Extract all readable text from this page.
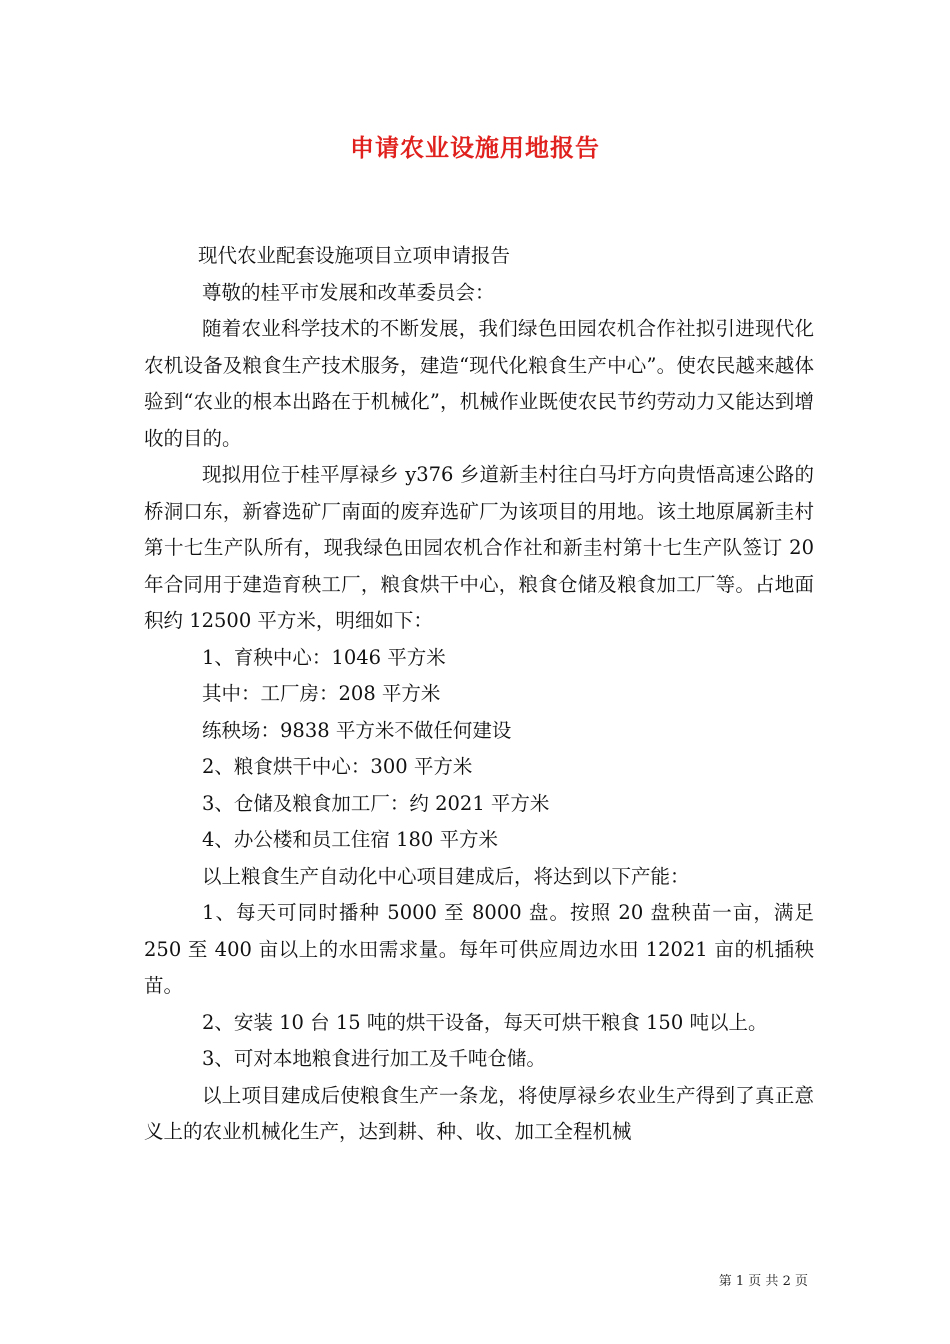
申请农业设施用地报告

现代农业配套设施项目立项申请报告

尊敬的桂平市发展和改革委员会：

随着农业科学技术的不断发展，我们绿色田园农机合作社拟引进现代化农机设备及粮食生产技术服务，建造“现代化粮食生产中心”。使农民越来越体验到“农业的根本出路在于机械化”，机械作业既使农民节约劳动力又能达到增收的目的。

现拟用位于桂平厚禄乡 y376 乡道新圭村往白马圩方向贵悟高速公路的桥洞口东，新睿选矿厂南面的废弃选矿厂为该项目的用地。该土地原属新圭村第十七生产队所有，现我绿色田园农机合作社和新圭村第十七生产队签订 20 年合同用于建造育秧工厂，粮食烘干中心，粮食仓储及粮食加工厂等。占地面积约 12500 平方米，明细如下：

1、育秧中心：1046 平方米

其中：工厂房：208 平方米

练秧场：9838 平方米不做任何建设

2、粮食烘干中心：300 平方米

3、仓储及粮食加工厂：约 2021 平方米

4、办公楼和员工住宿 180 平方米

以上粮食生产自动化中心项目建成后，将达到以下产能：

1、每天可同时播种 5000 至 8000 盘。按照 20 盘秧苗一亩，满足 250 至 400 亩以上的水田需求量。每年可供应周边水田 12021 亩的机插秧苗。

2、安装 10 台 15 吨的烘干设备，每天可烘干粮食 150 吨以上。

3、可对本地粮食进行加工及千吨仓储。

以上项目建成后使粮食生产一条龙，将使厚禄乡农业生产得到了真正意义上的农业机械化生产，达到耕、种、收、加工全程机械

第 1 页 共 2 页
